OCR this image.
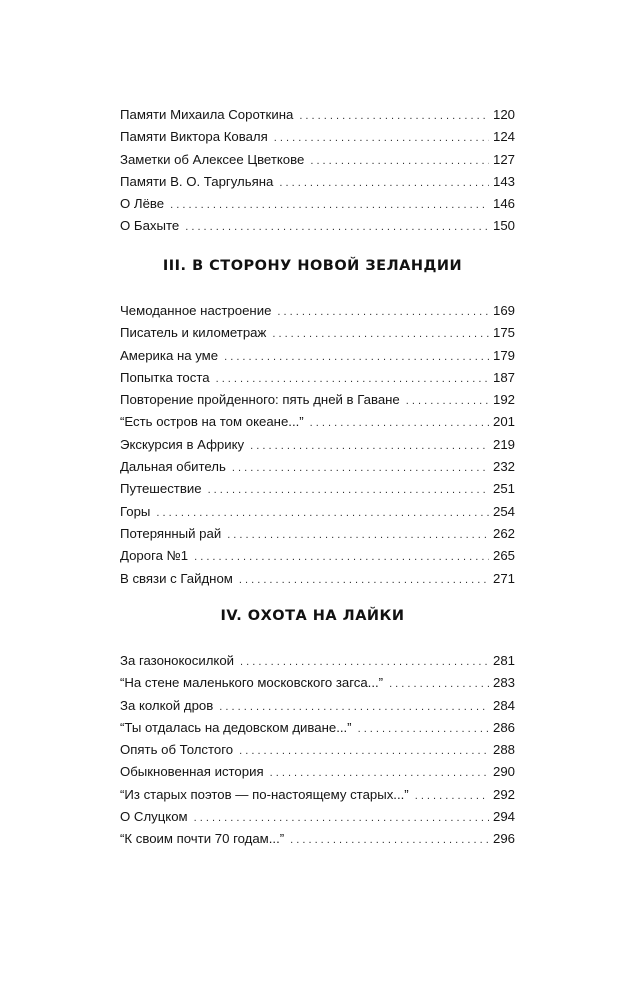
Памяти Михаила Сороткина . . .	120
Памяти Виктора Коваля . . .	124
Заметки об Алексее Цветкове . . .	127
Памяти В. О. Таргульяна . . .	143
О Лёве . . .	146
О Бахыте . . .	150
III. В СТОРОНУ НОВОЙ ЗЕЛАНДИИ
Чемоданное настроение . . .	169
Писатель и километраж . . .	175
Америка на уме . . .	179
Попытка тоста . . .	187
Повторение пройденного: пять дней в Гаване . . .	192
“Есть остров на том океане...” . . .	201
Экскурсия в Африку . . .	219
Дальная обитель . . .	232
Путешествие . . .	251
Горы . . .	254
Потерянный рай . . .	262
Дорога №1 . . .	265
В связи с Гайдном . . .	271
IV. ОХОТА НА ЛАЙКИ
За газонокосилкой . . .	281
“На стене маленького московского загса...” . . .	283
За колкой дров . . .	284
“Ты отдалась на дедовском диване...” . . .	286
Опять об Толстого . . .	288
Обыкновенная история . . .	290
“Из старых поэтов — по-настоящему старых...” . . .	292
О Слуцком . . .	294
“К своим почти 70 годам...” . . .	296
